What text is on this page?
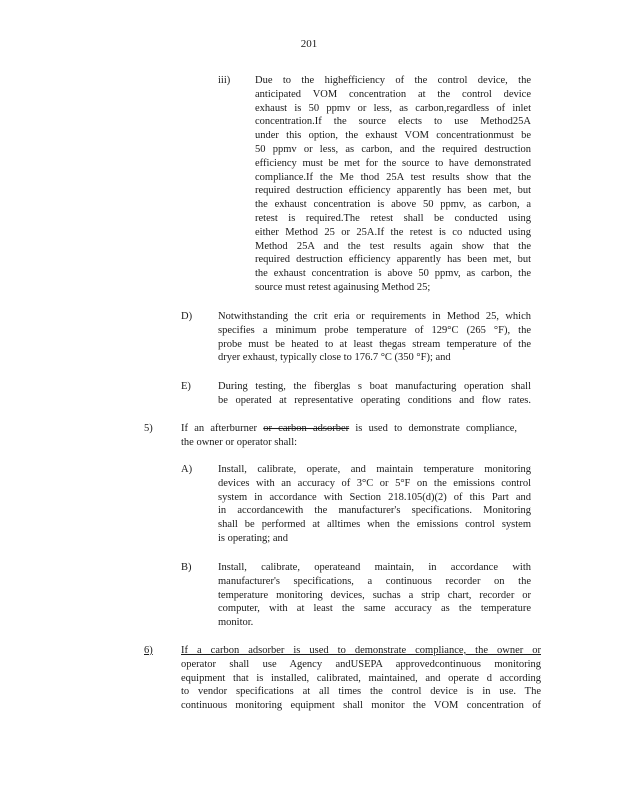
201
iii) Due to the highefficiency of the control device, the
anticipated VOM concentration at the control device
exhaust is 50 ppmv or less, as carbon,regardless of inlet
concentration.If the source elects to use Method25A
under this option, the exhaust VOM concentrationmust be
50 ppmv or less, as carbon, and the required destruction
efficiency must be met for the source to have demonstrated
compliance.If the Me thod 25A test results show that the
required destruction efficiency apparently has been met, but
the exhaust concentration is above 50 ppmv, as carbon, a
retest is required.The retest shall be conducted using
either Method 25 or 25A.If the retest is co nducted using
Method 25A and the test results again show that the
required destruction efficiency apparently has been met, but
the exhaust concentration is above 50 ppmv, as carbon, the
source must retest againusing Method 25;
D) Notwithstanding the crit eria or requirements in Method 25, which
specifies a minimum probe temperature of 129°C (265 °F), the
probe must be heated to at least thegas stream temperature of the
dryer exhaust, typically close to 176.7 °C (350 °F); and
E)	During testing, the fiberglas s boat manufacturing operation shall
be operated at representative operating conditions and flow rates.
5)	If an afterburner or carbon adsorber is used to demonstrate compliance,
the owner or operator shall:
A) Install, calibrate, operate, and maintain temperature monitoring
devices with an accuracy of 3°C or 5°F on the emissions control
system in accordance with Section 218.105(d)(2) of this Part and
in accordancewith the manufacturer's specifications. Monitoring
shall be performed at alltimes when the emissions control system
is operating; and
B)	Install, calibrate, operateand maintain, in accordance with
manufacturer's specifications, a continuous recorder on the
temperature monitoring devices, suchas a strip chart, recorder or
computer, with at least the same accuracy as the temperature
monitor.
6)	If a carbon adsorber is used to demonstrate compliance, the owner or
operator shall use Agency andUSEPA approvedcontinuous monitoring
equipment that is installed, calibrated, maintained, and operate d according
to vendor specifications at all times the control device is in use. The
continuous monitoring equipment shall monitor the VOM concentration of
